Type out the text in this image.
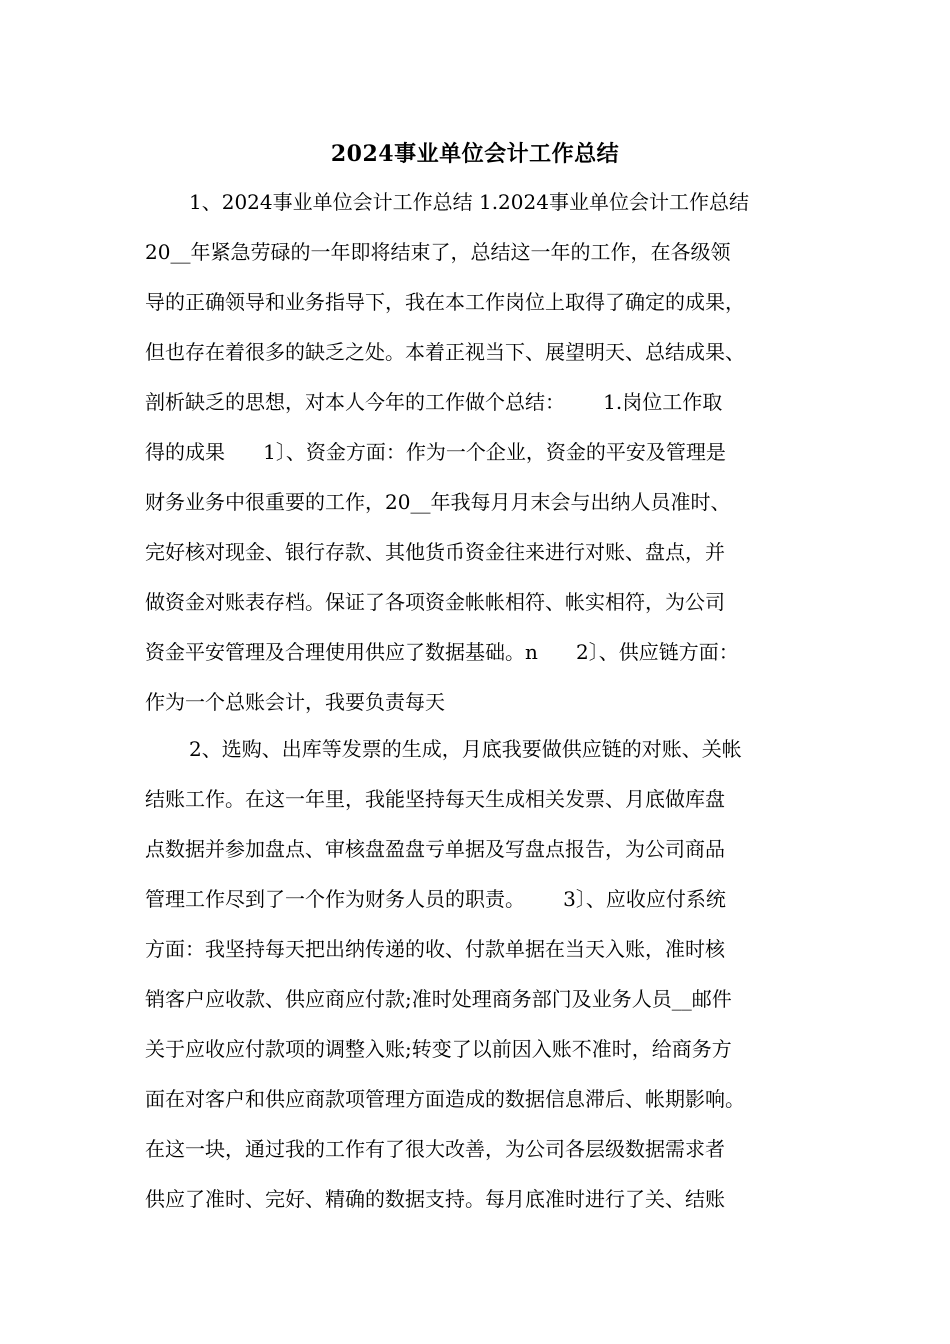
2024事业单位会计工作总结
1、2024事业单位会计工作总结 1.2024事业单位会计工作总结
20__年紧急劳碌的一年即将结束了，总结这一年的工作，在各级领
导的正确领导和业务指导下，我在本工作岗位上取得了确定的成果，
但也存在着很多的缺乏之处。本着正视当下、展望明天、总结成果、
剖析缺乏的思想，对本人今年的工作做个总结：      1.岗位工作取
得的成果      1〕、资金方面：作为一个企业，资金的平安及管理是
财务业务中很重要的工作，20__年我每月月末会与出纳人员准时、
完好核对现金、银行存款、其他货币资金往来进行对账、盘点，并
做资金对账表存档。保证了各项资金帐帐相符、帐实相符，为公司
资金平安管理及合理使用供应了数据基础。n      2〕、供应链方面：
作为一个总账会计，我要负责每天
2、选购、出库等发票的生成，月底我要做供应链的对账、关帐
结账工作。在这一年里，我能坚持每天生成相关发票、月底做库盘
点数据并参加盘点、审核盘盈盘亏单据及写盘点报告，为公司商品
管理工作尽到了一个作为财务人员的职责。      3〕、应收应付系统
方面：我坚持每天把出纳传递的收、付款单据在当天入账，准时核
销客户应收款、供应商应付款;准时处理商务部门及业务人员__邮件
关于应收应付款项的调整入账;转变了以前因入账不准时，给商务方
面在对客户和供应商款项管理方面造成的数据信息滞后、帐期影响。
在这一块，通过我的工作有了很大改善，为公司各层级数据需求者
供应了准时、完好、精确的数据支持。每月底准时进行了关、结账
